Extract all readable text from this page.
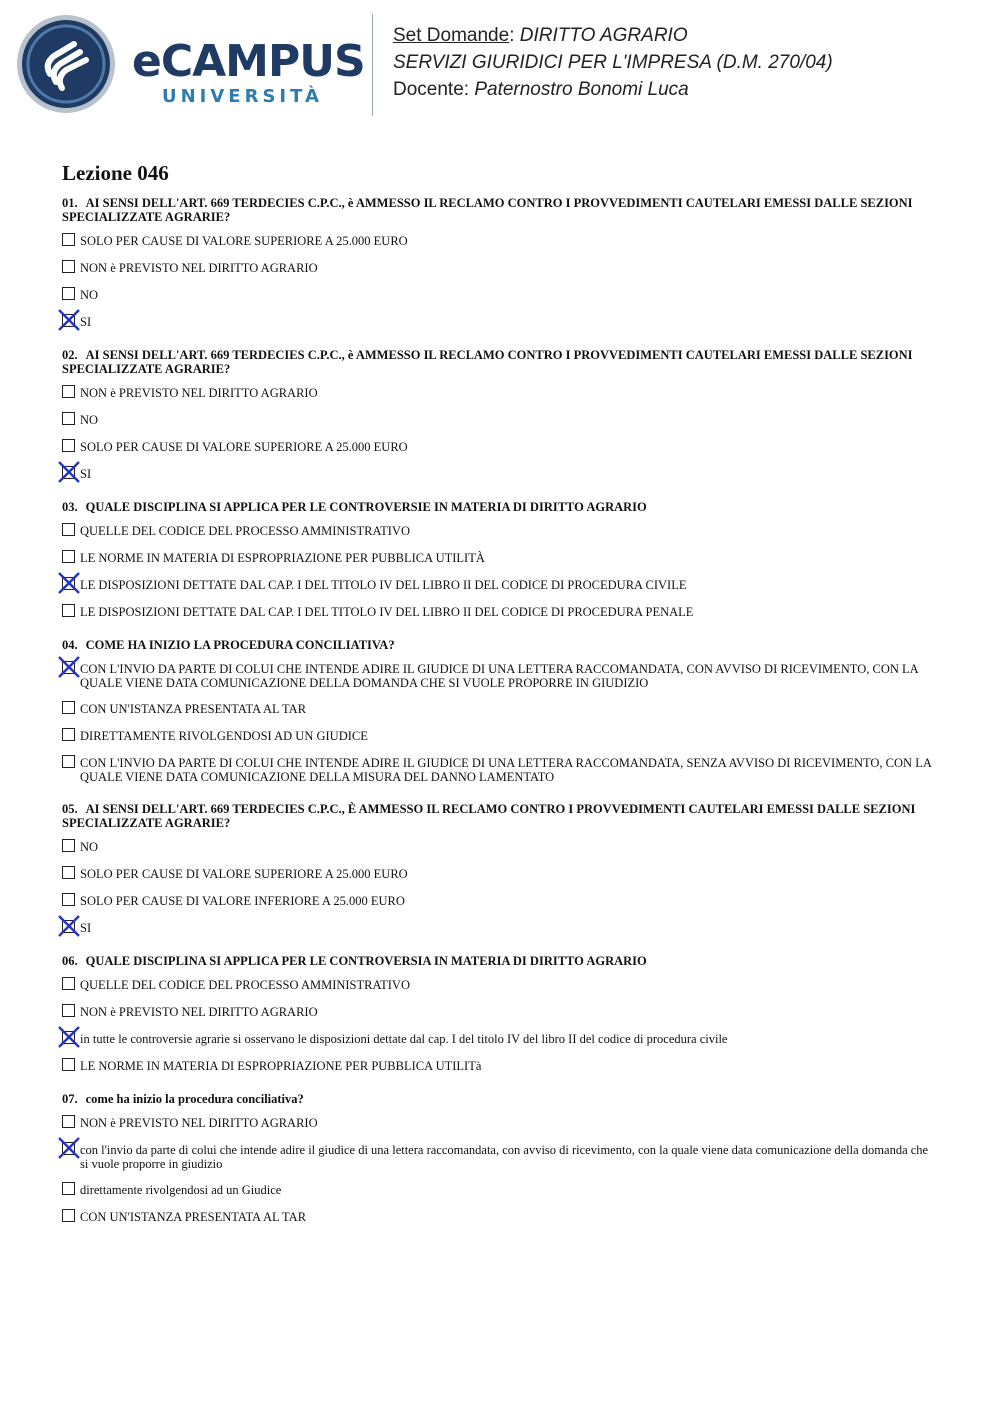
eCAMPUS
UNIVERSITÀ
Set Domande: DIRITTO AGRARIO
SERVIZI GIURIDICI PER L'IMPRESA (D.M. 270/04)
Docente: Paternostro Bonomi Luca
Lezione 046
01. AI SENSI DELL'ART. 669 TERDECIES C.P.C., è AMMESSO IL RECLAMO CONTRO I PROVVEDIMENTI CAUTELARI EMESSI DALLE SEZIONI SPECIALIZZATE AGRARIE?
SOLO PER CAUSE DI VALORE SUPERIORE A 25.000 EURO
NON è PREVISTO NEL DIRITTO AGRARIO
NO
SI
02. AI SENSI DELL'ART. 669 TERDECIES C.P.C., è AMMESSO IL RECLAMO CONTRO I PROVVEDIMENTI CAUTELARI EMESSI DALLE SEZIONI SPECIALIZZATE AGRARIE?
NON è PREVISTO NEL DIRITTO AGRARIO
NO
SOLO PER CAUSE DI VALORE SUPERIORE A 25.000 EURO
SI
03. QUALE DISCIPLINA SI APPLICA PER LE CONTROVERSIE IN MATERIA DI DIRITTO AGRARIO
QUELLE DEL CODICE DEL PROCESSO AMMINISTRATIVO
LE NORME IN MATERIA DI ESPROPRIAZIONE PER PUBBLICA UTILITÀ
LE DISPOSIZIONI DETTATE DAL CAP. I DEL TITOLO IV DEL LIBRO II DEL CODICE DI PROCEDURA CIVILE
LE DISPOSIZIONI DETTATE DAL CAP. I DEL TITOLO IV DEL LIBRO II DEL CODICE DI PROCEDURA PENALE
04. COME HA INIZIO LA PROCEDURA CONCILIATIVA?
CON L'INVIO DA PARTE DI COLUI CHE INTENDE ADIRE IL GIUDICE DI UNA LETTERA RACCOMANDATA, CON AVVISO DI RICEVIMENTO, CON LA QUALE VIENE DATA COMUNICAZIONE DELLA DOMANDA CHE SI VUOLE PROPORRE IN GIUDIZIO
CON UN'ISTANZA PRESENTATA AL TAR
DIRETTAMENTE RIVOLGENDOSI AD UN GIUDICE
CON L'INVIO DA PARTE DI COLUI CHE INTENDE ADIRE IL GIUDICE DI UNA LETTERA RACCOMANDATA, SENZA AVVISO DI RICEVIMENTO, CON LA QUALE VIENE DATA COMUNICAZIONE DELLA MISURA DEL DANNO LAMENTATO
05. AI SENSI DELL'ART. 669 TERDECIES C.P.C., È AMMESSO IL RECLAMO CONTRO I PROVVEDIMENTI CAUTELARI EMESSI DALLE SEZIONI SPECIALIZZATE AGRARIE?
NO
SOLO PER CAUSE DI VALORE SUPERIORE A 25.000 EURO
SOLO PER CAUSE DI VALORE INFERIORE A 25.000 EURO
SI
06. QUALE DISCIPLINA SI APPLICA PER LE CONTROVERSIA IN MATERIA DI DIRITTO AGRARIO
QUELLE DEL CODICE DEL PROCESSO AMMINISTRATIVO
NON è PREVISTO NEL DIRITTO AGRARIO
in tutte le controversie agrarie si osservano le disposizioni dettate dal cap. I del titolo IV del libro II del codice di procedura civile
LE NORME IN MATERIA DI ESPROPRIAZIONE PER PUBBLICA UTILITà
07. come ha inizio la procedura conciliativa?
NON è PREVISTO NEL DIRITTO AGRARIO
con l'invio da parte di colui che intende adire il giudice di una lettera raccomandata, con avviso di ricevimento, con la quale viene data comunicazione della domanda che si vuole proporre in giudizio
direttamente rivolgendosi ad un Giudice
CON UN'ISTANZA PRESENTATA AL TAR
